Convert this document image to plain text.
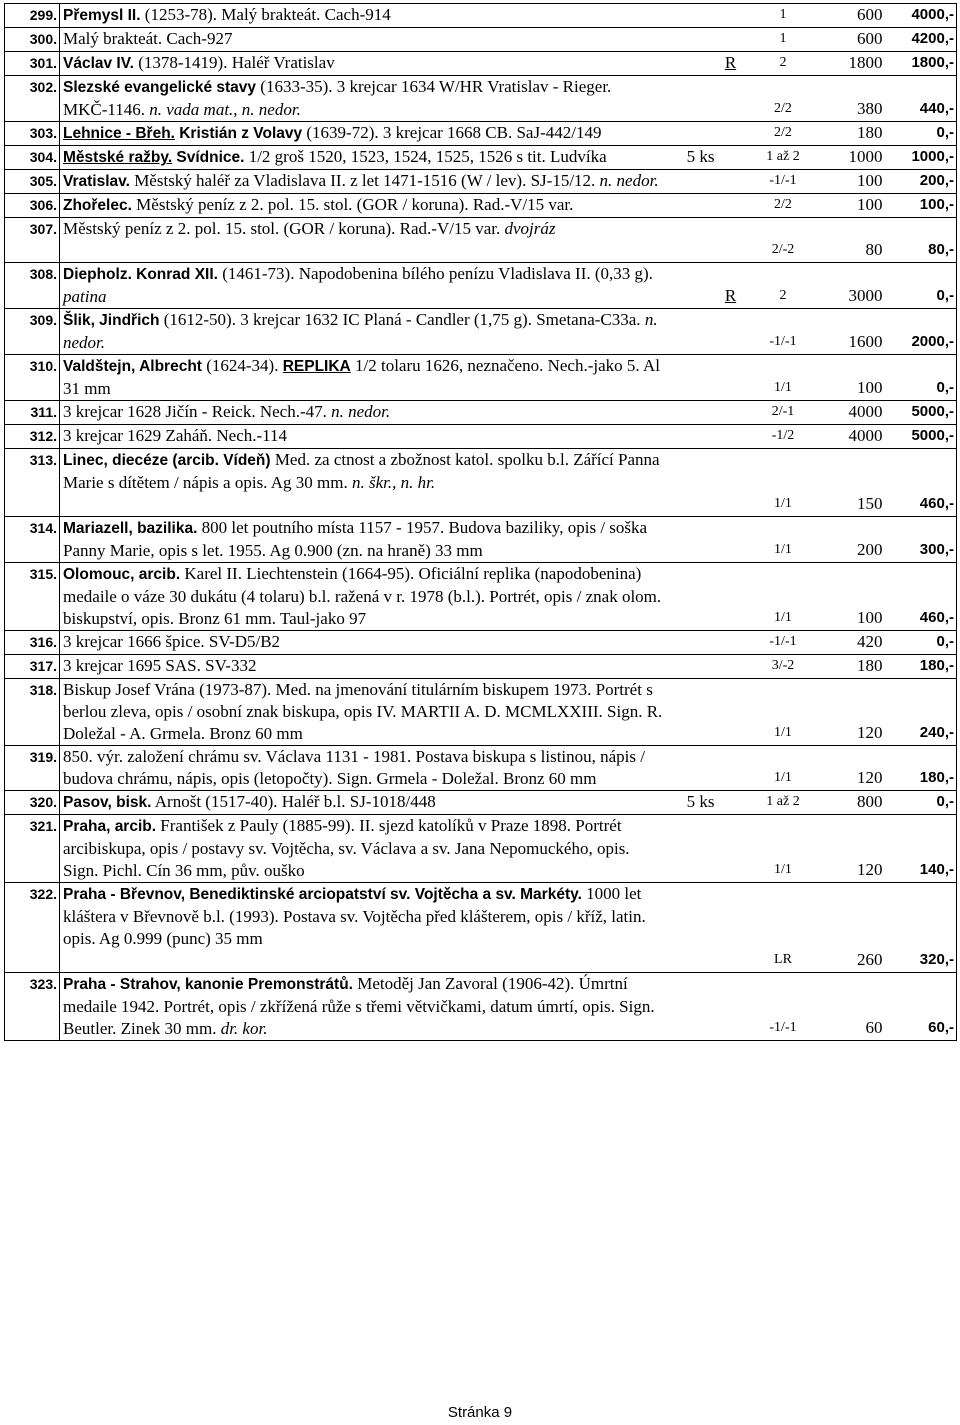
299.	Přemysl II. (1253-78). Malý brakteát. Cach-914			1	600	4000,-
300.	Malý brakteát. Cach-927			1	600	4200,-
301.	Václav IV. (1378-1419). Haléř Vratislav		R	2	1800	1800,-
302.	Slezské evangelické stavy (1633-35). 3 krejcar 1634 W/HR Vratislav - Rieger. MKČ-1146. n. vada mat., n. nedor.			2/2	380	440,-
303.	Lehnice - Břeh. Kristián z Volavy (1639-72). 3 krejcar 1668 CB. SaJ-442/149			2/2	180	0,-
304.	Městské ražby. Svídnice. 1/2 groš 1520, 1523, 1524, 1525, 1526 s tit. Ludvíka	5 ks		1 až 2	1000	1000,-
305.	Vratislav. Městský haléř za Vladislava II. z let 1471-1516 (W / lev). SJ-15/12. n. nedor.			-1/-1	100	200,-
306.	Zhořelec. Městský peníz z 2. pol. 15. stol. (GOR / koruna). Rad.-V/15 var.			2/2	100	100,-
307.	Městský peníz z 2. pol. 15. stol. (GOR / koruna). Rad.-V/15 var. dvojráz			2/-2	80	80,-
308.	Diepholz. Konrad XII. (1461-73). Napodobenina bílého penízu Vladislava II. (0,33 g). patina		R	2	3000	0,-
309.	Šlik, Jindřich (1612-50). 3 krejcar 1632 IC Planá - Candler (1,75 g). Smetana-C33a. n. nedor.			-1/-1	1600	2000,-
310.	Valdštejn, Albrecht (1624-34). REPLIKA 1/2 tolaru 1626, neznačeno. Nech.-jako 5. Al 31 mm			1/1	100	0,-
311.	3 krejcar 1628 Jičín - Reick. Nech.-47. n. nedor.			2/-1	4000	5000,-
312.	3 krejcar 1629 Zaháň. Nech.-114			-1/2	4000	5000,-
313.	Linec, diecéze (arcib. Vídeň) Med. za ctnost a zbožnost katol. spolku b.l. Zářící Panna Marie s dítětem / nápis a opis. Ag 30 mm. n. škr., n. hr.			1/1	150	460,-
314.	Mariazell, bazilika. 800 let poutního místa 1157 - 1957. Budova baziliky, opis / soška Panny Marie, opis s let. 1955. Ag 0.900 (zn. na hraně) 33 mm			1/1	200	300,-
315.	Olomouc, arcib. Karel II. Liechtenstein (1664-95). Oficiální replika (napodobenina) medaile o váze 30 dukátu (4 tolaru) b.l. ražená v r. 1978 (b.l.). Portrét, opis / znak olom. biskupství, opis. Bronz 61 mm. Taul-jako 97			1/1	100	460,-
316.	3 krejcar 1666 špice. SV-D5/B2			-1/-1	420	0,-
317.	3 krejcar 1695 SAS. SV-332			3/-2	180	180,-
318.	Biskup Josef Vrána (1973-87). Med. na jmenování titulárním biskupem 1973. Portrét s berlou zleva, opis / osobní znak biskupa, opis IV. MARTII A. D. MCMLXXIII. Sign. R. Doležal - A. Grmela. Bronz 60 mm			1/1	120	240,-
319.	850. výr. založení chrámu sv. Václava 1131 - 1981. Postava biskupa s listinou, nápis / budova chrámu, nápis, opis (letopočty). Sign. Grmela - Doležal. Bronz 60 mm			1/1	120	180,-
320.	Pasov, bisk. Arnošt (1517-40). Haléř b.l. SJ-1018/448	5 ks		1 až 2	800	0,-
321.	Praha, arcib. František z Pauly (1885-99). II. sjezd katolíků v Praze 1898. Portrét arcibiskupa, opis / postavy sv. Vojtěcha, sv. Václava a sv. Jana Nepomuckého, opis. Sign. Pichl. Cín 36 mm, pův. ouško			1/1	120	140,-
322.	Praha - Břevnov, Benediktinské arciopatství sv. Vojtěcha a sv. Markéty. 1000 let kláštera v Břevnově b.l. (1993). Postava sv. Vojtěcha před klášterem, opis / kříž, latin. opis. Ag 0.999 (punc) 35 mm			LR	260	320,-
323.	Praha - Strahov, kanonie Premonstrátů. Metoděj Jan Zavoral (1906-42). Úmrtní medaile 1942. Portrét, opis / zkřížená růže s třemi větvičkami, datum úmrtí, opis. Sign. Beutler. Zinek 30 mm. dr. kor.			-1/-1	60	60,-
Stránka 9
